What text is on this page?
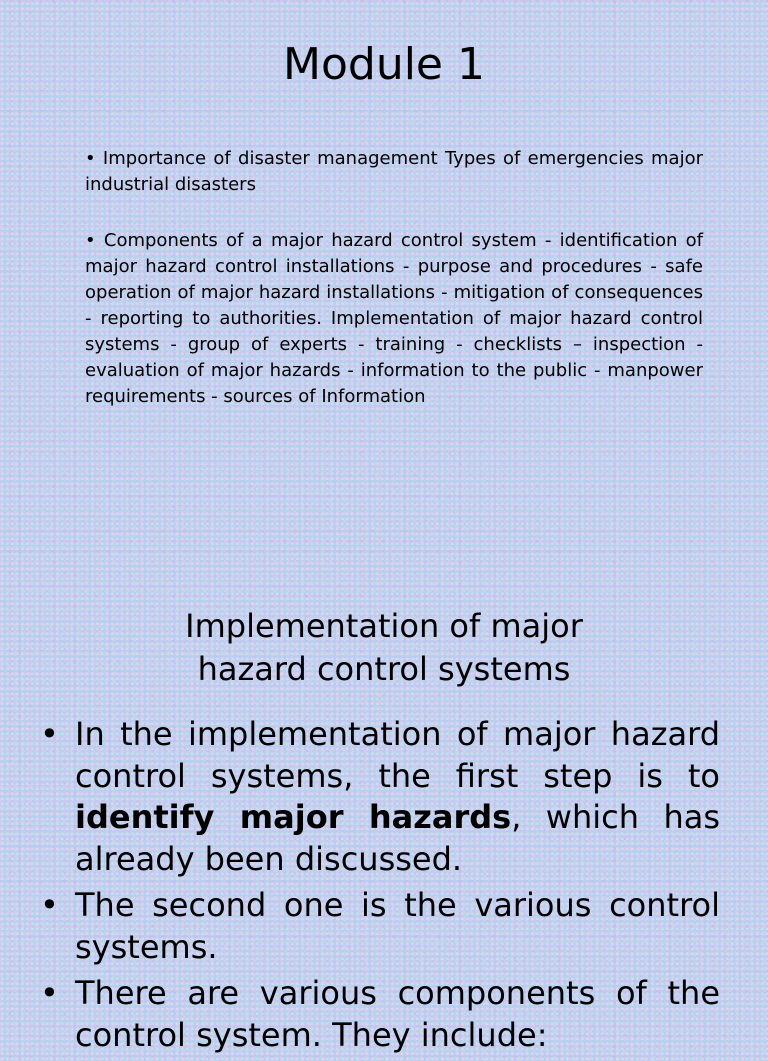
Module 1

• Importance of disaster management Types of emergencies major industrial disasters

• Components of a major hazard control system - identification of major hazard control installations - purpose and procedures - safe operation of major hazard installations - mitigation of consequences - reporting to authorities. Implementation of major hazard control systems - group of experts - training - checklists – inspection - evaluation of major hazards - information to the public - manpower requirements - sources of Information

Implementation of major
hazard control systems
• In the implementation of major hazard control systems, the first step is to identify major hazards, which has already been discussed.
• The second one is the various control systems.
• There are various components of the control system. They include:
